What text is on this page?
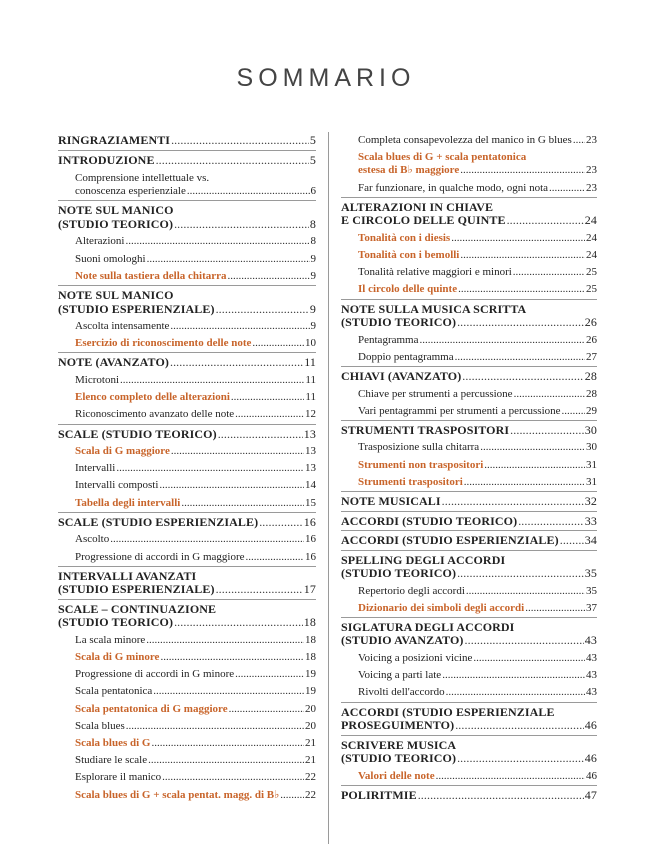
SOMMARIO
RINGRAZIAMENTI .....	5
INTRODUZIONE .....	5
Comprensione intellettuale vs.
conoscenza esperienziale .....	6
NOTE SUL MANICO
(STUDIO TEORICO) .....	8
Alterazioni .....	8
Suoni omologhi .....	9
Note sulla tastiera della chitarra .....	9
NOTE SUL MANICO
(STUDIO ESPERIENZIALE) .....	9
Ascolta intensamente .....	9
Esercizio di riconoscimento delle note .....	10
NOTE (AVANZATO) .....	11
Microtoni .....	11
Elenco completo delle alterazioni .....	11
Riconoscimento avanzato delle note .....	12
SCALE (STUDIO TEORICO) .....	13
Scala di G maggiore .....	13
Intervalli .....	13
Intervalli composti .....	14
Tabella degli intervalli .....	15
SCALE (STUDIO ESPERIENZIALE) .....	16
Ascolto .....	16
Progressione di accordi in G maggiore .....	16
INTERVALLI AVANZATI
(STUDIO ESPERIENZIALE) .....	17
SCALE – CONTINUAZIONE
(STUDIO TEORICO) .....	18
La scala minore .....	18
Scala di G minore .....	18
Progressione di accordi in G minore .....	19
Scala pentatonica .....	19
Scala pentatonica di G maggiore .....	20
Scala blues .....	20
Scala blues di G .....	21
Studiare le scale .....	21
Esplorare il manico .....	22
Scala blues di G + scala pentat. magg. di B♭ ..... 22
Completa consapevolezza del manico in G blues ..... 23
Scala blues di G + scala pentatonica
estesa di B♭ maggiore .....	23
Far funzionare, in qualche modo, ogni nota .....	23
ALTERAZIONI IN CHIAVE
E CIRCOLO DELLE QUINTE .....	24
Tonalità con i diesis .....	24
Tonalità con i bemolli .....	24
Tonalità relative maggiori e minori .....	25
Il circolo delle quinte .....	25
NOTE SULLA MUSICA SCRITTA
(STUDIO TEORICO) .....	26
Pentagramma .....	26
Doppio pentagramma .....	27
CHIAVI (AVANZATO) .....	28
Chiave per strumenti a percussione .....	28
Vari pentagrammi per strumenti a percussione ..... 29
STRUMENTI TRASPOSITORI .....	30
Trasposizione sulla chitarra .....	30
Strumenti non traspositori .....	31
Strumenti traspositori .....	31
NOTE MUSICALI .....	32
ACCORDI (STUDIO TEORICO) .....	33
ACCORDI (STUDIO ESPERIENZIALE) ..... 34
SPELLING DEGLI ACCORDI
(STUDIO TEORICO) .....	35
Repertorio degli accordi .....	35
Dizionario dei simboli degli accordi .....	37
SIGLATURA DEGLI ACCORDI
(STUDIO AVANZATO) .....	43
Voicing a posizioni vicine .....	43
Voicing a parti late .....	43
Rivolti dell'accordo .....	43
ACCORDI (STUDIO ESPERIENZIALE
PROSEGUIMENTO) .....	46
SCRIVERE MUSICA
(STUDIO TEORICO) .....	46
Valori delle note .....	46
POLIRITMIE .....	47
